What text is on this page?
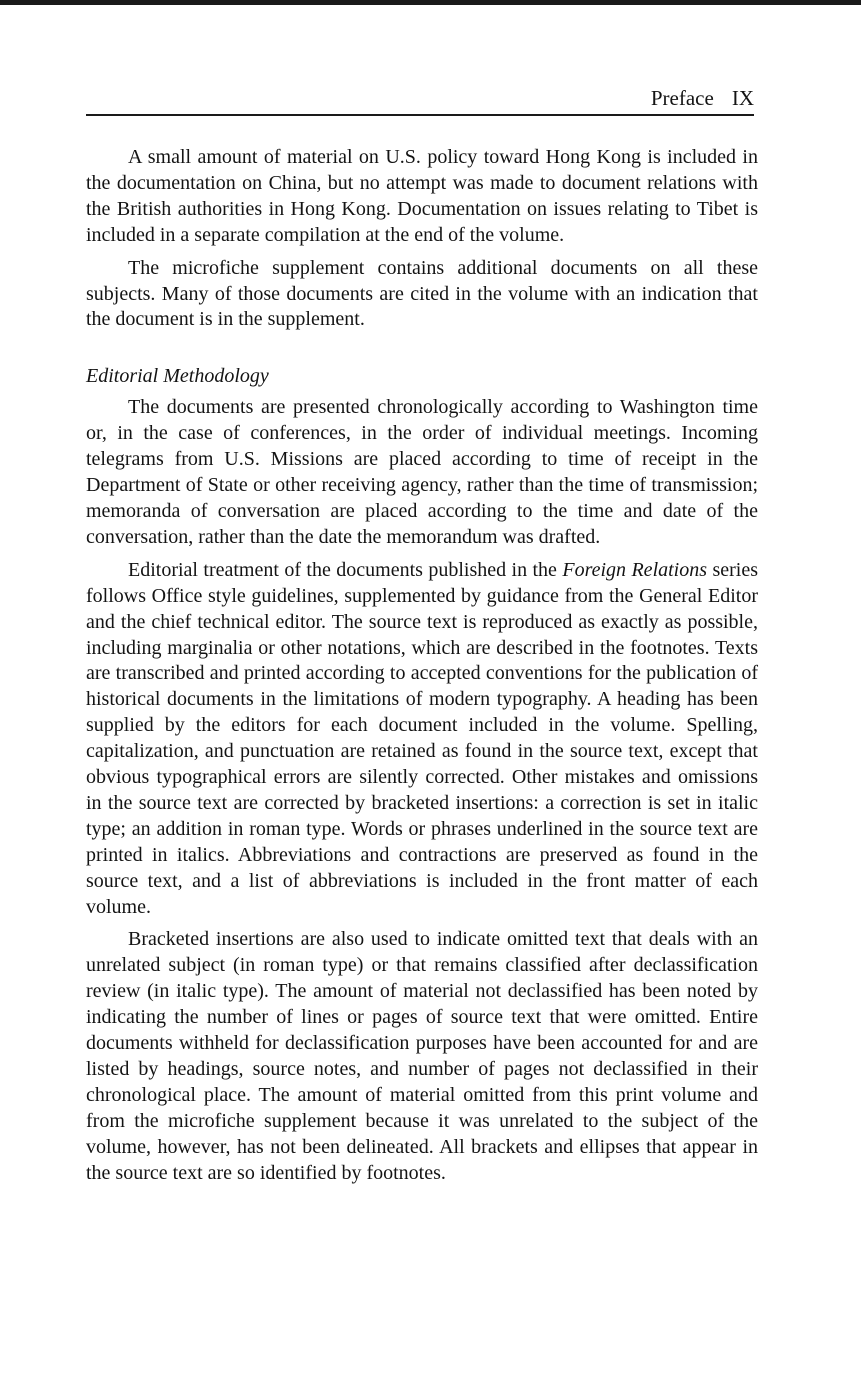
Preface IX

A small amount of material on U.S. policy toward Hong Kong is included in the documentation on China, but no attempt was made to document relations with the British authorities in Hong Kong. Documentation on issues relating to Tibet is included in a separate compilation at the end of the volume.

The microfiche supplement contains additional documents on all these subjects. Many of those documents are cited in the volume with an indication that the document is in the supplement.

Editorial Methodology

The documents are presented chronologically according to Washington time or, in the case of conferences, in the order of individual meetings. Incoming telegrams from U.S. Missions are placed according to time of receipt in the Department of State or other receiving agency, rather than the time of transmission; memoranda of conversation are placed according to the time and date of the conversation, rather than the date the memorandum was drafted.

Editorial treatment of the documents published in the Foreign Relations series follows Office style guidelines, supplemented by guidance from the General Editor and the chief technical editor. The source text is reproduced as exactly as possible, including marginalia or other notations, which are described in the footnotes. Texts are transcribed and printed according to accepted conventions for the publication of historical documents in the limitations of modern typography. A heading has been supplied by the editors for each document included in the volume. Spelling, capitalization, and punctuation are retained as found in the source text, except that obvious typographical errors are silently corrected. Other mistakes and omissions in the source text are corrected by bracketed insertions: a correction is set in italic type; an addition in roman type. Words or phrases underlined in the source text are printed in italics. Abbreviations and contractions are preserved as found in the source text, and a list of abbreviations is included in the front matter of each volume.

Bracketed insertions are also used to indicate omitted text that deals with an unrelated subject (in roman type) or that remains classified after declassification review (in italic type). The amount of material not declassified has been noted by indicating the number of lines or pages of source text that were omitted. Entire documents withheld for declassification purposes have been accounted for and are listed by headings, source notes, and number of pages not declassified in their chronological place. The amount of material omitted from this print volume and from the microfiche supplement because it was unrelated to the subject of the volume, however, has not been delineated. All brackets and ellipses that appear in the source text are so identified by footnotes.
